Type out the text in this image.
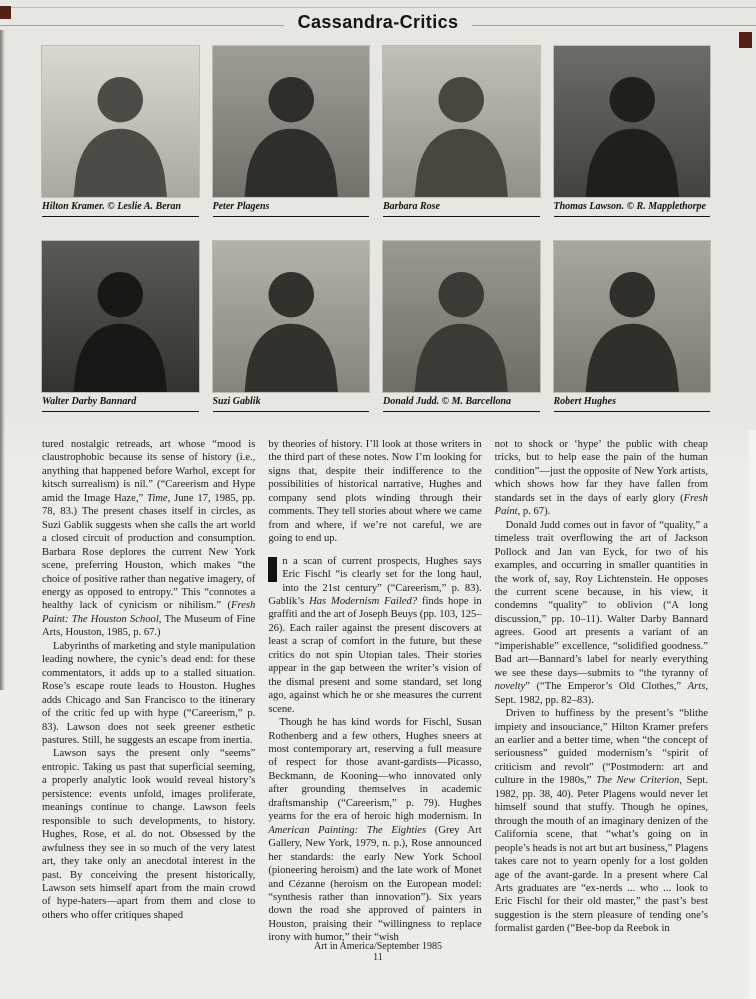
Cassandra-Critics
Hilton Kramer. © Leslie A. Beran	Peter Plagens	Barbara Rose	Thomas Lawson. © R. Mapplethorpe
Walter Darby Bannard	Suzi Gablik	Donald Judd. © M. Barcellona	Robert Hughes

tured nostalgic retreads, art whose “mood is claustrophobic because its sense of history (i.e., anything that happened before Warhol, except for kitsch surrealism) is nil.” (“Careerism and Hype amid the Image Haze,” Time, June 17, 1985, pp. 78, 83.) The present chases itself in circles, as Suzi Gablik suggests when she calls the art world a closed circuit of production and consumption. Barbara Rose deplores the current New York scene, preferring Houston, which makes “the choice of positive rather than negative imagery, of energy as opposed to entropy.” This “connotes a healthy lack of cynicism or nihilism.” (Fresh Paint: The Houston School, The Museum of Fine Arts, Houston, 1985, p. 67.)

Labyrinths of marketing and style manipulation leading nowhere, the cynic’s dead end: for these commentators, it adds up to a stalled situation. Rose’s escape route leads to Houston. Hughes adds Chicago and San Francisco to the itinerary of the critic fed up with hype (“Careerism,” p. 83). Lawson does not seek greener esthetic pastures. Still, he suggests an escape from inertia.

Lawson says the present only “seems” entropic. Taking us past that superficial seeming, a properly analytic look would reveal history’s persistence: events unfold, images proliferate, meanings continue to change. Lawson feels responsible to such developments, to history. Hughes, Rose, et al. do not. Obsessed by the awfulness they see in so much of the very latest art, they take only an anecdotal interest in the past. By conceiving the present historically, Lawson sets himself apart from the main crowd of hype-haters—apart from them and close to others who offer critiques shaped

by theories of history. I’ll look at those writers in the third part of these notes. Now I’m looking for signs that, despite their indifference to the possibilities of historical narrative, Hughes and company send plots winding through their comments. They tell stories about where we came from and where, if we’re not careful, we are going to end up.

n a scan of current prospects, Hughes says Eric Fischl “is clearly set for the long haul, into the 21st century” (“Careerism,” p. 83). Gablik’s Has Modernism Failed? finds hope in graffiti and the art of Joseph Beuys (pp. 103, 125–26). Each railer against the present discovers at least a scrap of comfort in the future, but these critics do not spin Utopian tales. Their stories appear in the gap between the writer’s vision of the dismal present and some standard, set long ago, against which he or she measures the current scene.

Though he has kind words for Fischl, Susan Rothenberg and a few others, Hughes sneers at most contemporary art, reserving a full measure of respect for those avant-gardists—Picasso, Beckmann, de Kooning—who innovated only after grounding themselves in academic draftsmanship (“Careerism,” p. 79). Hughes yearns for the era of heroic high modernism. In American Painting: The Eighties (Grey Art Gallery, New York, 1979, n. p.), Rose announced her standards: the early New York School (pioneering heroism) and the late work of Monet and Cézanne (heroism on the European model: “synthesis rather than innovation”). Six years down the road she approved of painters in Houston, praising their “willingness to replace irony with humor,” their “wish

not to shock or ‘hype’ the public with cheap tricks, but to help ease the pain of the human condition”—just the opposite of New York artists, which shows how far they have fallen from standards set in the days of early glory (Fresh Paint, p. 67).

Donald Judd comes out in favor of “quality,” a timeless trait overflowing the art of Jackson Pollock and Jan van Eyck, for two of his examples, and occurring in smaller quantities in the work of, say, Roy Lichtenstein. He opposes the current scene because, in his view, it condemns “quality” to oblivion (“A long discussion,” pp. 10–11). Walter Darby Bannard agrees. Good art presents a variant of an “imperishable” excellence, “solidified goodness.” Bad art—Bannard’s label for nearly everything we see these days—submits to “the tyranny of novelty” (“The Emperor’s Old Clothes,” Arts, Sept. 1982, pp. 82–83).

Driven to huffiness by the present’s “blithe impiety and insouciance,” Hilton Kramer prefers an earlier and a better time, when “the concept of seriousness” guided modernism’s “spirit of criticism and revolt” (“Postmodern: art and culture in the 1980s,” The New Criterion, Sept. 1982, pp. 38, 40). Peter Plagens would never let himself sound that stuffy. Though he opines, through the mouth of an imaginary denizen of the California scene, that “what’s going on in people’s heads is not art but art business,” Plagens takes care not to yearn openly for a lost golden age of the avant-garde. In a present where Cal Arts graduates are “ex-nerds ... who ... look to Eric Fischl for their old master,” the past’s best suggestion is the stern pleasure of tending one’s formalist garden (“Bee-bop da Reebok in

Art in America/September 1985
11
